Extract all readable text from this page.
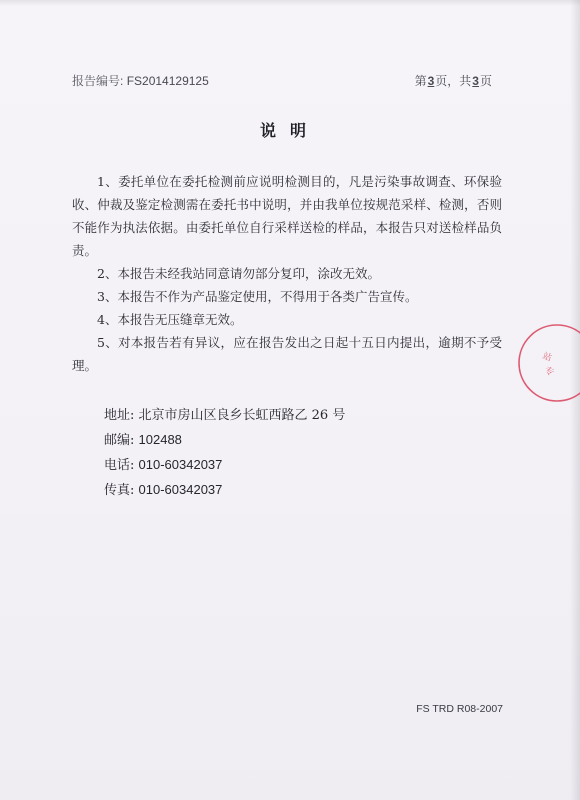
报告编号: FS2014129125	第3页，共3页
说明

1、委托单位在委托检测前应说明检测目的，凡是污染事故调查、环保验收、仲裁及鉴定检测需在委托书中说明，并由我单位按规范采样、检测，否则不能作为执法依据。由委托单位自行采样送检的样品，本报告只对送检样品负责。

2、本报告未经我站同意请勿部分复印，涂改无效。

3、本报告不作为产品鉴定使用，不得用于各类广告宣传。

4、本报告无压缝章无效。

5、对本报告若有异议，应在报告发出之日起十五日内提出，逾期不予受理。

地址: 北京市房山区良乡长虹西路乙 26 号
邮编: 102488
电话: 010-60342037
传真: 010-60342037
FS TRD R08-2007
站
专
